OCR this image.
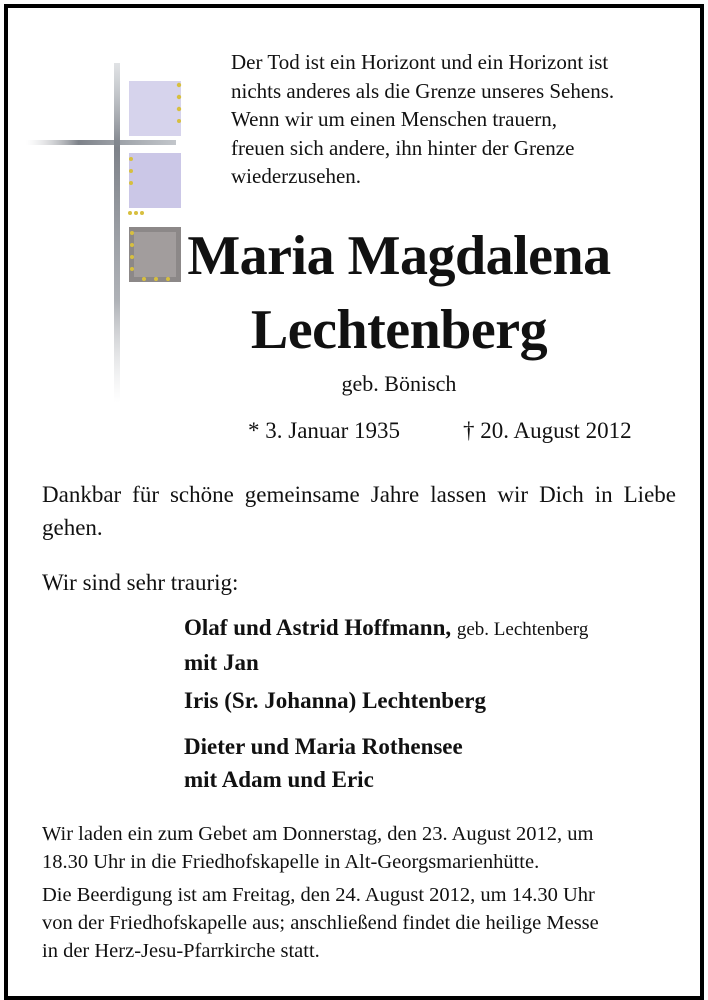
Der Tod ist ein Horizont und ein Horizont ist
nichts anderes als die Grenze unseres Sehens.
Wenn wir um einen Menschen trauern,
freuen sich andere, ihn hinter der Grenze
wiederzusehen.
Maria Magdalena
Lechtenberg
geb. Bönisch
* 3. Januar 1935	† 20. August 2012
Dankbar für schöne gemeinsame Jahre lassen wir Dich in Liebe gehen.
Wir sind sehr traurig:
Olaf und Astrid Hoffmann, geb. Lechtenberg
mit Jan
Iris (Sr. Johanna) Lechtenberg
Dieter und Maria Rothensee
mit Adam und Eric
Wir laden ein zum Gebet am Donnerstag, den 23. August 2012, um
18.30 Uhr in die Friedhofskapelle in Alt-Georgsmarienhütte.
Die Beerdigung ist am Freitag, den 24. August 2012, um 14.30 Uhr
von der Friedhofskapelle aus; anschließend findet die heilige Messe
in der Herz-Jesu-Pfarrkirche statt.
